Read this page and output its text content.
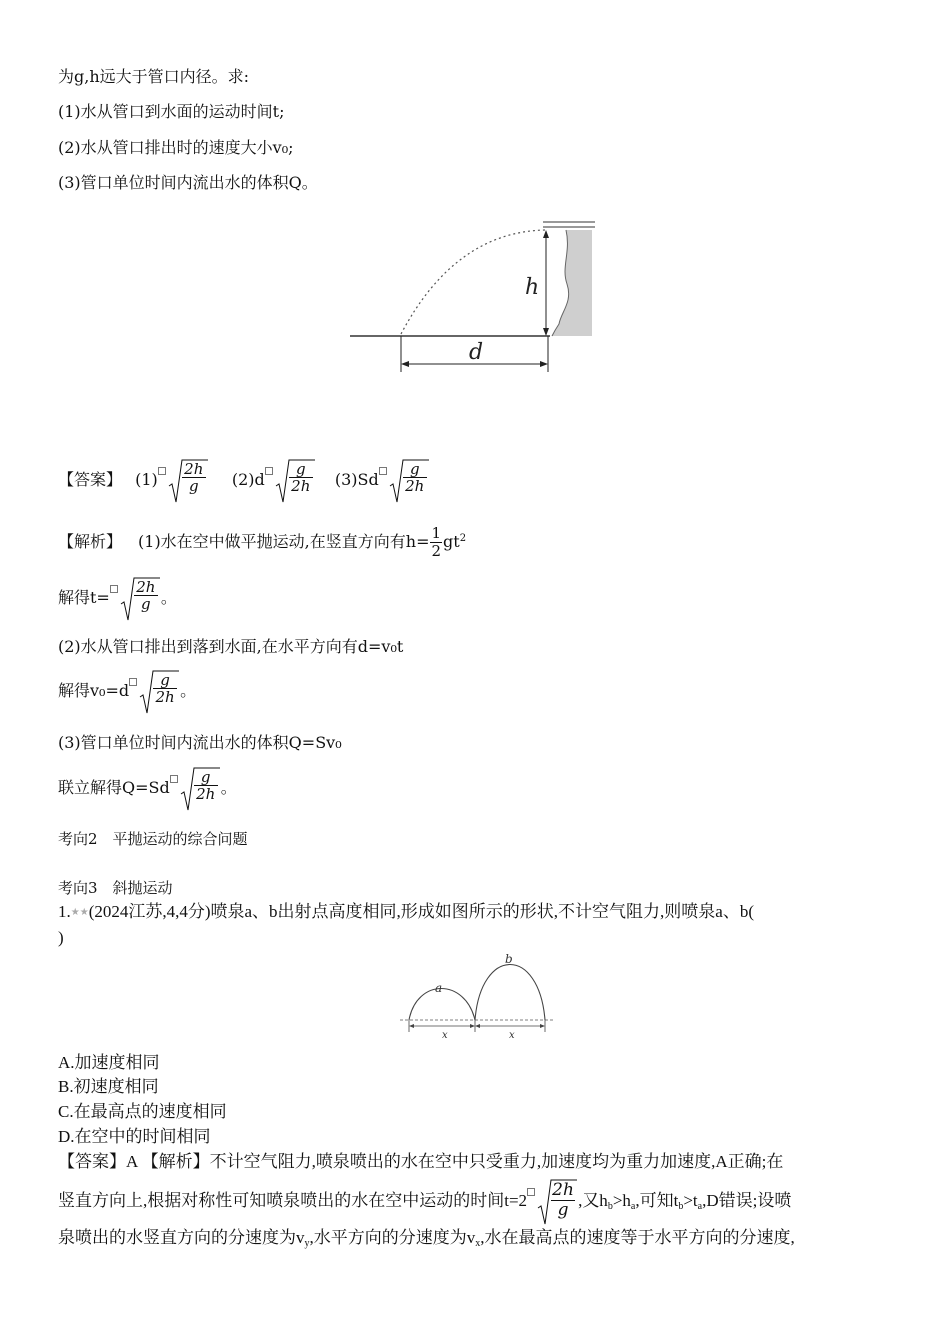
为g,h远大于管口内径。求:
(1)水从管口到水面的运动时间t;
(2)水从管口排出时的速度大小v₀;
(3)管口单位时间内流出水的体积Q。
h
d
【答案】 (1)
2h
g (2)d
g
2h (3)Sd
g
2h
【解析】 (1)水在空中做平抛运动,在竖直方向有$h= \frac{1}{2} gt^2$
解得t=
2h
g 。
(2)水从管口排出到落到水面,在水平方向有d=v₀t
解得v₀=d
g
2h 。
(3)管口单位时间内流出水的体积Q=Sv₀
联立解得Q=Sd
g
2h 。
考向2　平抛运动的综合问题
考向3　斜抛运动
1.★★(2024江苏,4,4分)喷泉a、b出射点高度相同,形成如图所示的形状,不计空气阻力,则喷泉a、b(
)
a
b
x	x
A.加速度相同
B.初速度相同
C.在最高点的速度相同
D.在空中的时间相同
【答案】A 【解析】不计空气阻力,喷泉喷出的水在空中只受重力,加速度均为重力加速度,A正确;在
竖直方向上,根据对称性可知喷泉喷出的水在空中运动的时间t=2
2h
g ,又$h_b>h_a$,可知$t_b>t_a,D$错误;设喷
泉喷出的水竖直方向的分速度为$v_y$,水平方向的分速度为$v_x$,水在最高点的速度等于水平方向的分速度,
